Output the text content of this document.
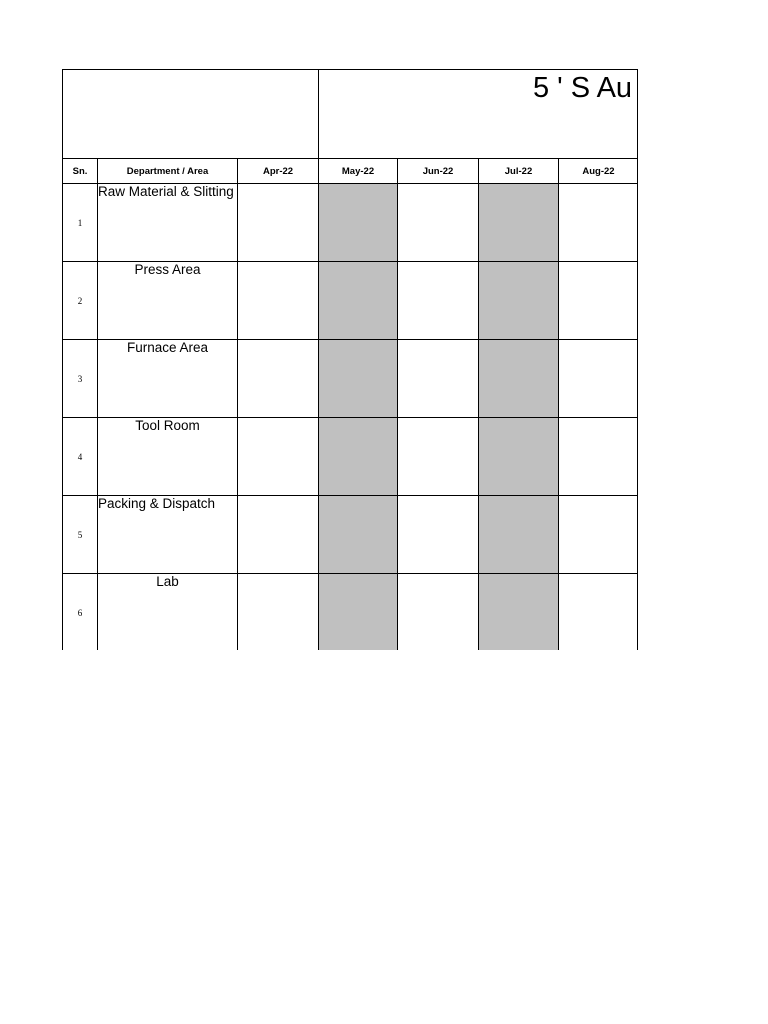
5 ' S Au
Sn.	Department / Area	Apr-22	May-22	Jun-22	Jul-22	Aug-22
1	Raw Material & Slitting					

2	Press Area					

3	Furnace Area					

4	Tool Room					

5	Packing & Dispatch					

6	Lab					
